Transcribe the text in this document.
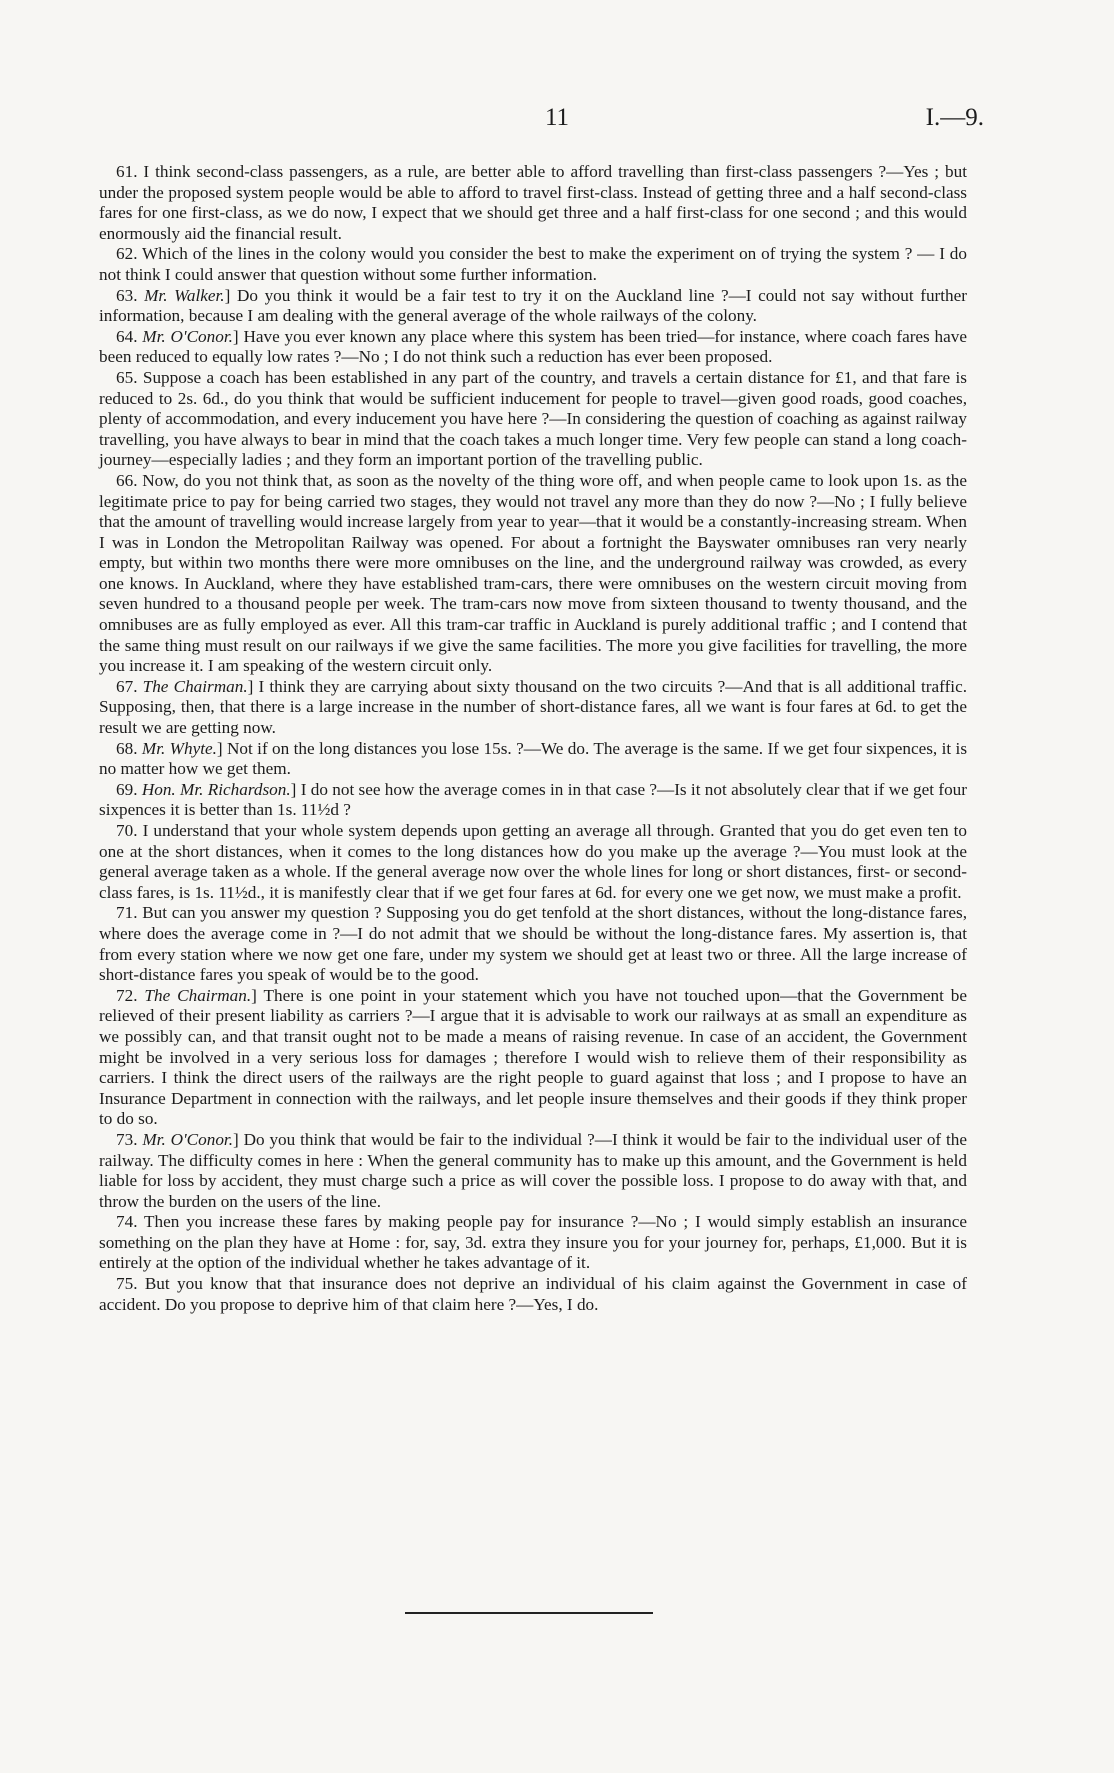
11	I.—9.

61. I think second-class passengers, as a rule, are better able to afford travelling than first-class passengers ?—Yes ; but under the proposed system people would be able to afford to travel first-class. Instead of getting three and a half second-class fares for one first-class, as we do now, I expect that we should get three and a half first-class for one second ; and this would enormously aid the financial result.

62. Which of the lines in the colony would you consider the best to make the experiment on of trying the system ? — I do not think I could answer that question without some further information.

63. Mr. Walker.] Do you think it would be a fair test to try it on the Auckland line ?—I could not say without further information, because I am dealing with the general average of the whole railways of the colony.

64. Mr. O'Conor.] Have you ever known any place where this system has been tried—for instance, where coach fares have been reduced to equally low rates ?—No ; I do not think such a reduction has ever been proposed.

65. Suppose a coach has been established in any part of the country, and travels a certain distance for £1, and that fare is reduced to 2s. 6d., do you think that would be sufficient inducement for people to travel—given good roads, good coaches, plenty of accommodation, and every inducement you have here ?—In considering the question of coaching as against railway travelling, you have always to bear in mind that the coach takes a much longer time. Very few people can stand a long coach-journey—especially ladies ; and they form an important portion of the travelling public.

66. Now, do you not think that, as soon as the novelty of the thing wore off, and when people came to look upon 1s. as the legitimate price to pay for being carried two stages, they would not travel any more than they do now ?—No ; I fully believe that the amount of travelling would increase largely from year to year—that it would be a constantly-increasing stream. When I was in London the Metropolitan Railway was opened. For about a fortnight the Bayswater omnibuses ran very nearly empty, but within two months there were more omnibuses on the line, and the underground railway was crowded, as every one knows. In Auckland, where they have established tram-cars, there were omnibuses on the western circuit moving from seven hundred to a thousand people per week. The tram-cars now move from sixteen thousand to twenty thousand, and the omnibuses are as fully employed as ever. All this tram-car traffic in Auckland is purely additional traffic ; and I contend that the same thing must result on our railways if we give the same facilities. The more you give facilities for travelling, the more you increase it. I am speaking of the western circuit only.

67. The Chairman.] I think they are carrying about sixty thousand on the two circuits ?—And that is all additional traffic. Supposing, then, that there is a large increase in the number of short-distance fares, all we want is four fares at 6d. to get the result we are getting now.

68. Mr. Whyte.] Not if on the long distances you lose 15s. ?—We do. The average is the same. If we get four sixpences, it is no matter how we get them.

69. Hon. Mr. Richardson.] I do not see how the average comes in in that case ?—Is it not absolutely clear that if we get four sixpences it is better than 1s. 11½d ?

70. I understand that your whole system depends upon getting an average all through. Granted that you do get even ten to one at the short distances, when it comes to the long distances how do you make up the average ?—You must look at the general average taken as a whole. If the general average now over the whole lines for long or short distances, first- or second-class fares, is 1s. 11½d., it is manifestly clear that if we get four fares at 6d. for every one we get now, we must make a profit.

71. But can you answer my question ? Supposing you do get tenfold at the short distances, without the long-distance fares, where does the average come in ?—I do not admit that we should be without the long-distance fares. My assertion is, that from every station where we now get one fare, under my system we should get at least two or three. All the large increase of short-distance fares you speak of would be to the good.

72. The Chairman.] There is one point in your statement which you have not touched upon—that the Government be relieved of their present liability as carriers ?—I argue that it is advisable to work our railways at as small an expenditure as we possibly can, and that transit ought not to be made a means of raising revenue. In case of an accident, the Government might be involved in a very serious loss for damages ; therefore I would wish to relieve them of their responsibility as carriers. I think the direct users of the railways are the right people to guard against that loss ; and I propose to have an Insurance Department in connection with the railways, and let people insure themselves and their goods if they think proper to do so.

73. Mr. O'Conor.] Do you think that would be fair to the individual ?—I think it would be fair to the individual user of the railway. The difficulty comes in here : When the general community has to make up this amount, and the Government is held liable for loss by accident, they must charge such a price as will cover the possible loss. I propose to do away with that, and throw the burden on the users of the line.

74. Then you increase these fares by making people pay for insurance ?—No ; I would simply establish an insurance something on the plan they have at Home : for, say, 3d. extra they insure you for your journey for, perhaps, £1,000. But it is entirely at the option of the individual whether he takes advantage of it.

75. But you know that that insurance does not deprive an individual of his claim against the Government in case of accident. Do you propose to deprive him of that claim here ?—Yes, I do.
